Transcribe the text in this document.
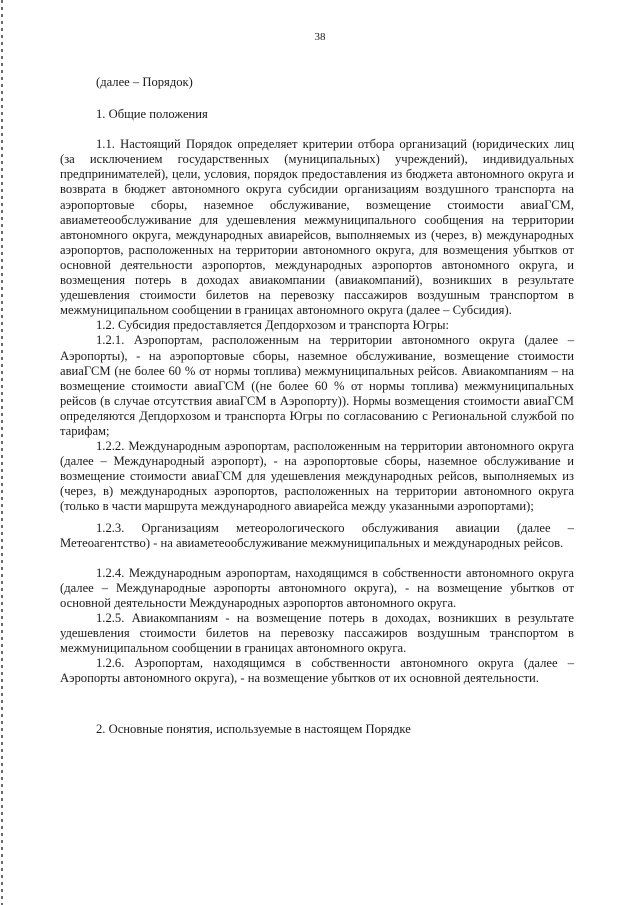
38

(далее – Порядок)

1. Общие положения

1.1. Настоящий Порядок определяет критерии отбора организаций (юридических лиц (за исключением государственных (муниципальных) учреждений), индивидуальных предпринимателей), цели, условия, порядок предоставления из бюджета автономного округа и возврата в бюджет автономного округа субсидии организациям воздушного транспорта на аэропортовые сборы, наземное обслуживание, возмещение стоимости авиаГСМ, авиаметеообслуживание для удешевления межмуниципального сообщения на территории автономного округа, международных авиарейсов, выполняемых из (через, в) международных аэропортов, расположенных на территории автономного округа, для возмещения убытков от основной деятельности аэропортов, международных аэропортов автономного округа, и возмещения потерь в доходах авиакомпании (авиакомпаний), возникших в результате удешевления стоимости билетов на перевозку пассажиров воздушным транспортом в межмуниципальном сообщении в границах автономного округа (далее – Субсидия).

1.2. Субсидия предоставляется Депдорхозом и транспорта Югры:

1.2.1. Аэропортам, расположенным на территории автономного округа (далее – Аэропорты), - на аэропортовые сборы, наземное обслуживание, возмещение стоимости авиаГСМ (не более 60 % от нормы топлива) межмуниципальных рейсов. Авиакомпаниям – на возмещение стоимости авиаГСМ ((не более 60 % от нормы топлива) межмуниципальных рейсов (в случае отсутствия авиаГСМ в Аэропорту)). Нормы возмещения стоимости авиаГСМ определяются Депдорхозом и транспорта Югры по согласованию с Региональной службой по тарифам;

1.2.2. Международным аэропортам, расположенным на территории автономного округа (далее – Международный аэропорт), - на аэропортовые сборы, наземное обслуживание и возмещение стоимости авиаГСМ для удешевления международных рейсов, выполняемых из (через, в) международных аэропортов, расположенных на территории автономного округа (только в части маршрута международного авиарейса между указанными аэропортами);

1.2.3. Организациям метеорологического обслуживания авиации (далее – Метеоагентство) - на авиаметеообслуживание межмуниципальных и международных рейсов.

1.2.4. Международным аэропортам, находящимся в собственности автономного округа (далее – Международные аэропорты автономного округа), - на возмещение убытков от основной деятельности Международных аэропортов автономного округа.

1.2.5. Авиакомпаниям - на возмещение потерь в доходах, возникших в результате удешевления стоимости билетов на перевозку пассажиров воздушным транспортом в межмуниципальном сообщении в границах автономного округа.

1.2.6. Аэропортам, находящимся в собственности автономного округа (далее – Аэропорты автономного округа), - на возмещение убытков от их основной деятельности.

2. Основные понятия, используемые в настоящем Порядке
